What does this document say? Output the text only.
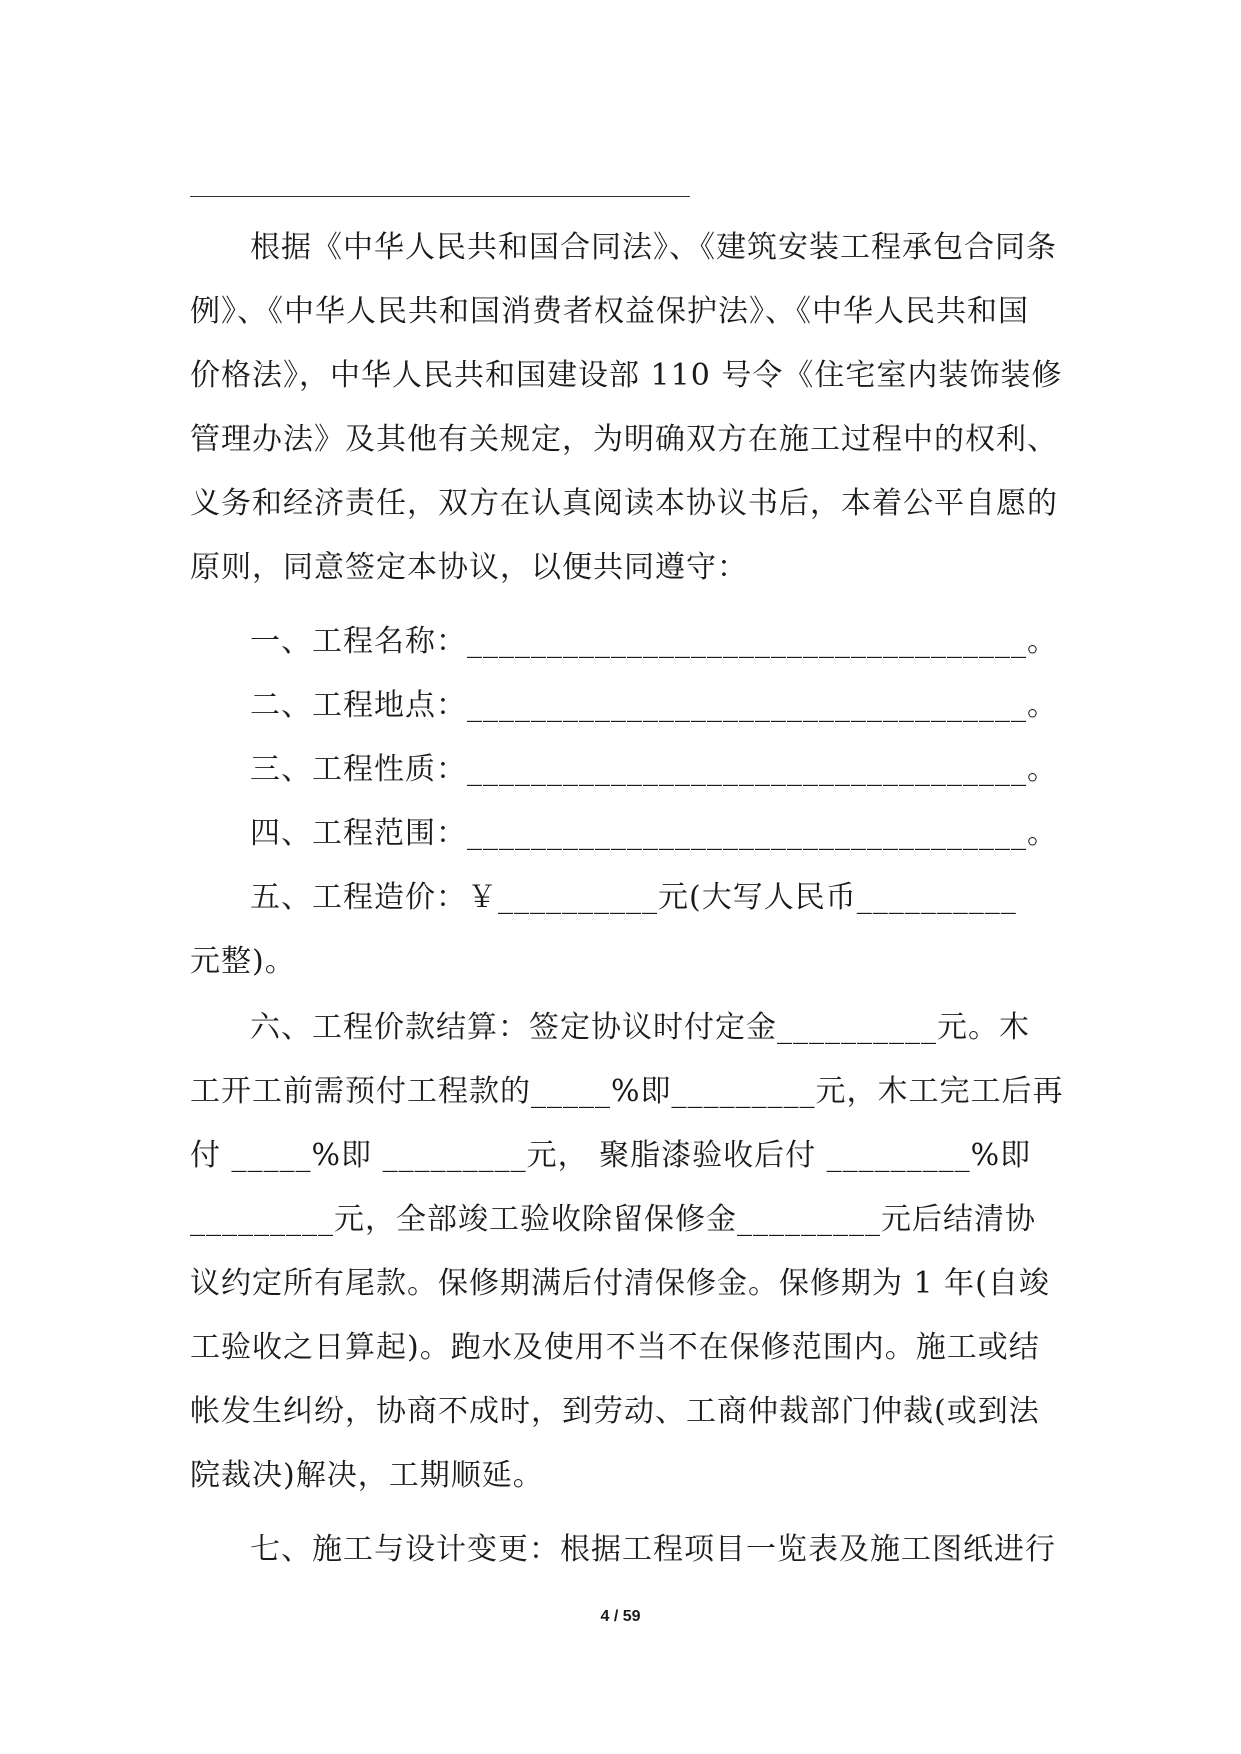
根据《中华人民共和国合同法》、《建筑安装工程承包合同条
例》、《中华人民共和国消费者权益保护法》、《中华人民共和国
价格法》，中华人民共和国建设部 110 号令《住宅室内装饰装修
管理办法》及其他有关规定，为明确双方在施工过程中的权利、
义务和经济责任，双方在认真阅读本协议书后，本着公平自愿的
原则，同意签定本协议，以便共同遵守：
一、工程名称：___________________________________。
二、工程地点：___________________________________。
三、工程性质：___________________________________。
四、工程范围：___________________________________。
五、工程造价：￥__________元(大写人民币__________
元整)。
六、工程价款结算：签定协议时付定金__________元。木
工开工前需预付工程款的_____%即_________元，木工完工后再
付 _____%即 _________元， 聚脂漆验收后付 _________%即
_________元，全部竣工验收除留保修金_________元后结清协
议约定所有尾款。保修期满后付清保修金。保修期为 1 年(自竣
工验收之日算起)。跑水及使用不当不在保修范围内。施工或结
帐发生纠纷，协商不成时，到劳动、工商仲裁部门仲裁(或到法
院裁决)解决，工期顺延。
七、施工与设计变更：根据工程项目一览表及施工图纸进行
4 / 59
